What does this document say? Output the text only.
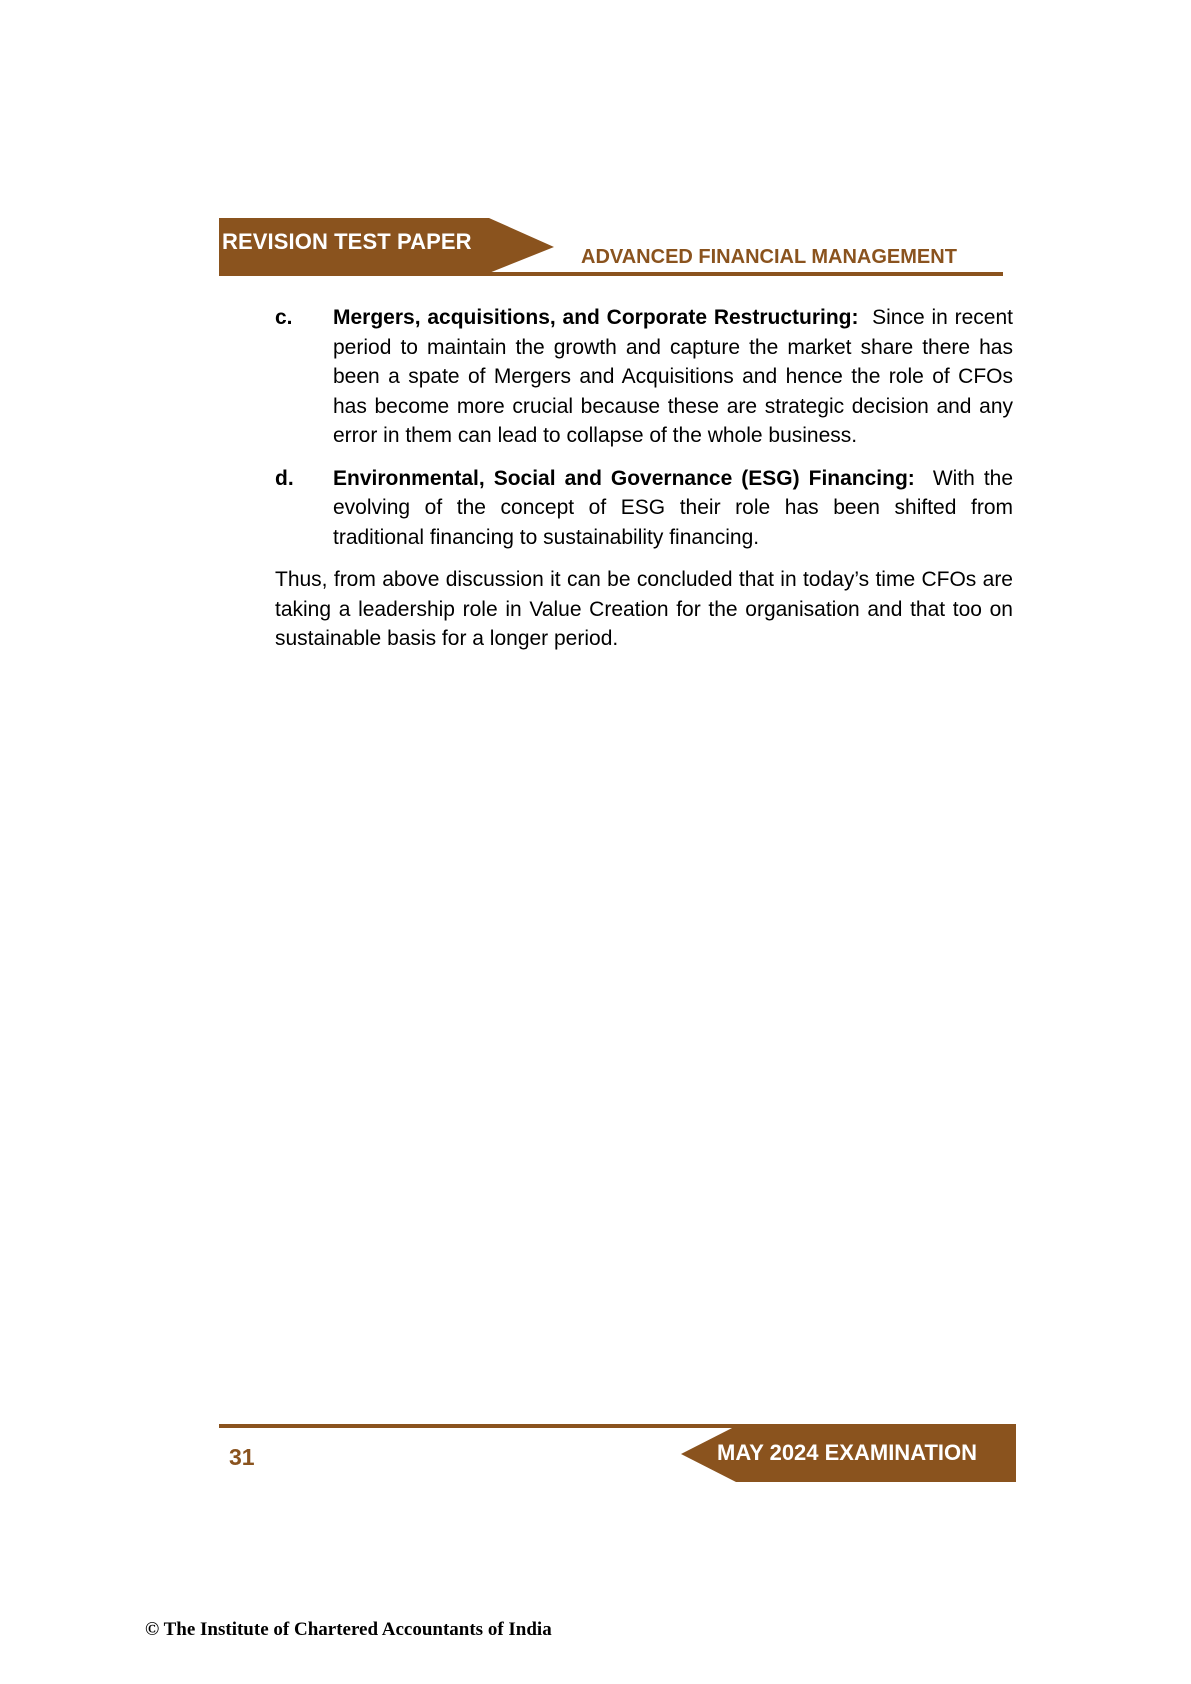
REVISION TEST PAPER
ADVANCED FINANCIAL MANAGEMENT
c.	Mergers, acquisitions, and Corporate Restructuring: Since in recent period to maintain the growth and capture the market share there has been a spate of Mergers and Acquisitions and hence the role of CFOs has become more crucial because these are strategic decision and any error in them can lead to collapse of the whole business.
d.	Environmental, Social and Governance (ESG) Financing: With the evolving of the concept of ESG their role has been shifted from traditional financing to sustainability financing.

Thus, from above discussion it can be concluded that in today’s time CFOs are taking a leadership role in Value Creation for the organisation and that too on sustainable basis for a longer period.

31	MAY 2024 EXAMINATION
© The Institute of Chartered Accountants of India
